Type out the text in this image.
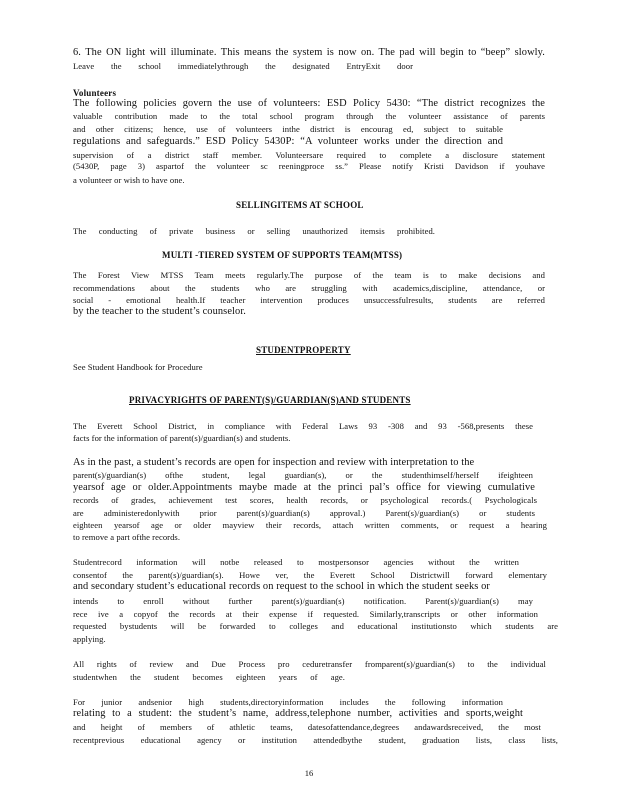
6. The ON light will illuminate. This means the system is now on. The pad will begin to “beep” slowly.
Leave the school immediatelythrough the designated EntryExit door
Volunteers
The following policies govern the use of volunteers: ESD Policy 5430: “The district recognizes the
valuable contribution made to the total school program through the volunteer assistance of parents
and other citizens; hence, use of volunteers inthe district is encourag ed, subject to suitable
regulations and safeguards.” ESD Policy 5430P: “A volunteer works under the direction and
supervision of a district staff member. Volunteersare required to complete a disclosure statement
(5430P, page 3) aspartof the volunteer sc reeningproce ss.” Please notify Kristi Davidson if youhave
a volunteer or wish to have one.
SELLINGITEMS AT SCHOOL
The conducting of private business or selling unauthorized itemsis prohibited.
MULTI -TIERED SYSTEM OF SUPPORTS TEAM(MTSS)
The Forest View MTSS Team meets regularly.The purpose of the team is to make decisions and
recommendations about the students who are struggling with academics,discipline, attendance, or
social - emotional health.If teacher intervention produces unsuccessfulresults, students are referred
by the teacher to the student’s counselor.
STUDENTPROPERTY
See Student Handbook for Procedure
PRIVACYRIGHTS OF PARENT(S)/GUARDIAN(S)AND STUDENTS
The Everett School District, in compliance with Federal Laws 93 -308 and 93 -568,presents these
facts for the information of parent(s)/guardian(s) and students.
As in the past, a student’s records are open for inspection and review with interpretation to the
parent(s)/guardian(s) ofthe student, legal guardian(s), or the studenthimself/herself ifeighteen
yearsof age or older.Appointments maybe made at the princi pal’s office for viewing cumulative
records of grades, achievement test scores, health records, or psychological records.( Psychologicals
are administeredonlywith prior parent(s)/guardian(s) approval.) Parent(s)/guardian(s) or students
eighteen yearsof age or older mayview their records, attach written comments, or request a hearing
to remove a part ofthe records.
Studentrecord information will notbe released to mostpersonsor agencies without the written
consentof the parent(s)/guardian(s). Howe ver, the Everett School Districtwill forward elementary
and secondary student’s educational records on request to the school in which the student seeks or
intends to enroll without further parent(s)/guardian(s) notification. Parent(s)/guardian(s) may
rece ive a copyof the records at their expense if requested. Similarly,transcripts or other information
requested bystudents will be forwarded to colleges and educational institutionsto which students are
applying.
All rights of review and Due Process pro ceduretransfer fromparent(s)/guardian(s) to the individual
studentwhen the student becomes eighteen years of age.
For junior andsenior high students,directoryinformation includes the following information
relating to a student: the student’s name, address,telephone number, activities and sports,weight
and height of members of athletic teams, datesofattendance,degrees andawardsreceived, the most
recentprevious educational agency or institution attendedbythe student, graduation lists, class lists,
16
